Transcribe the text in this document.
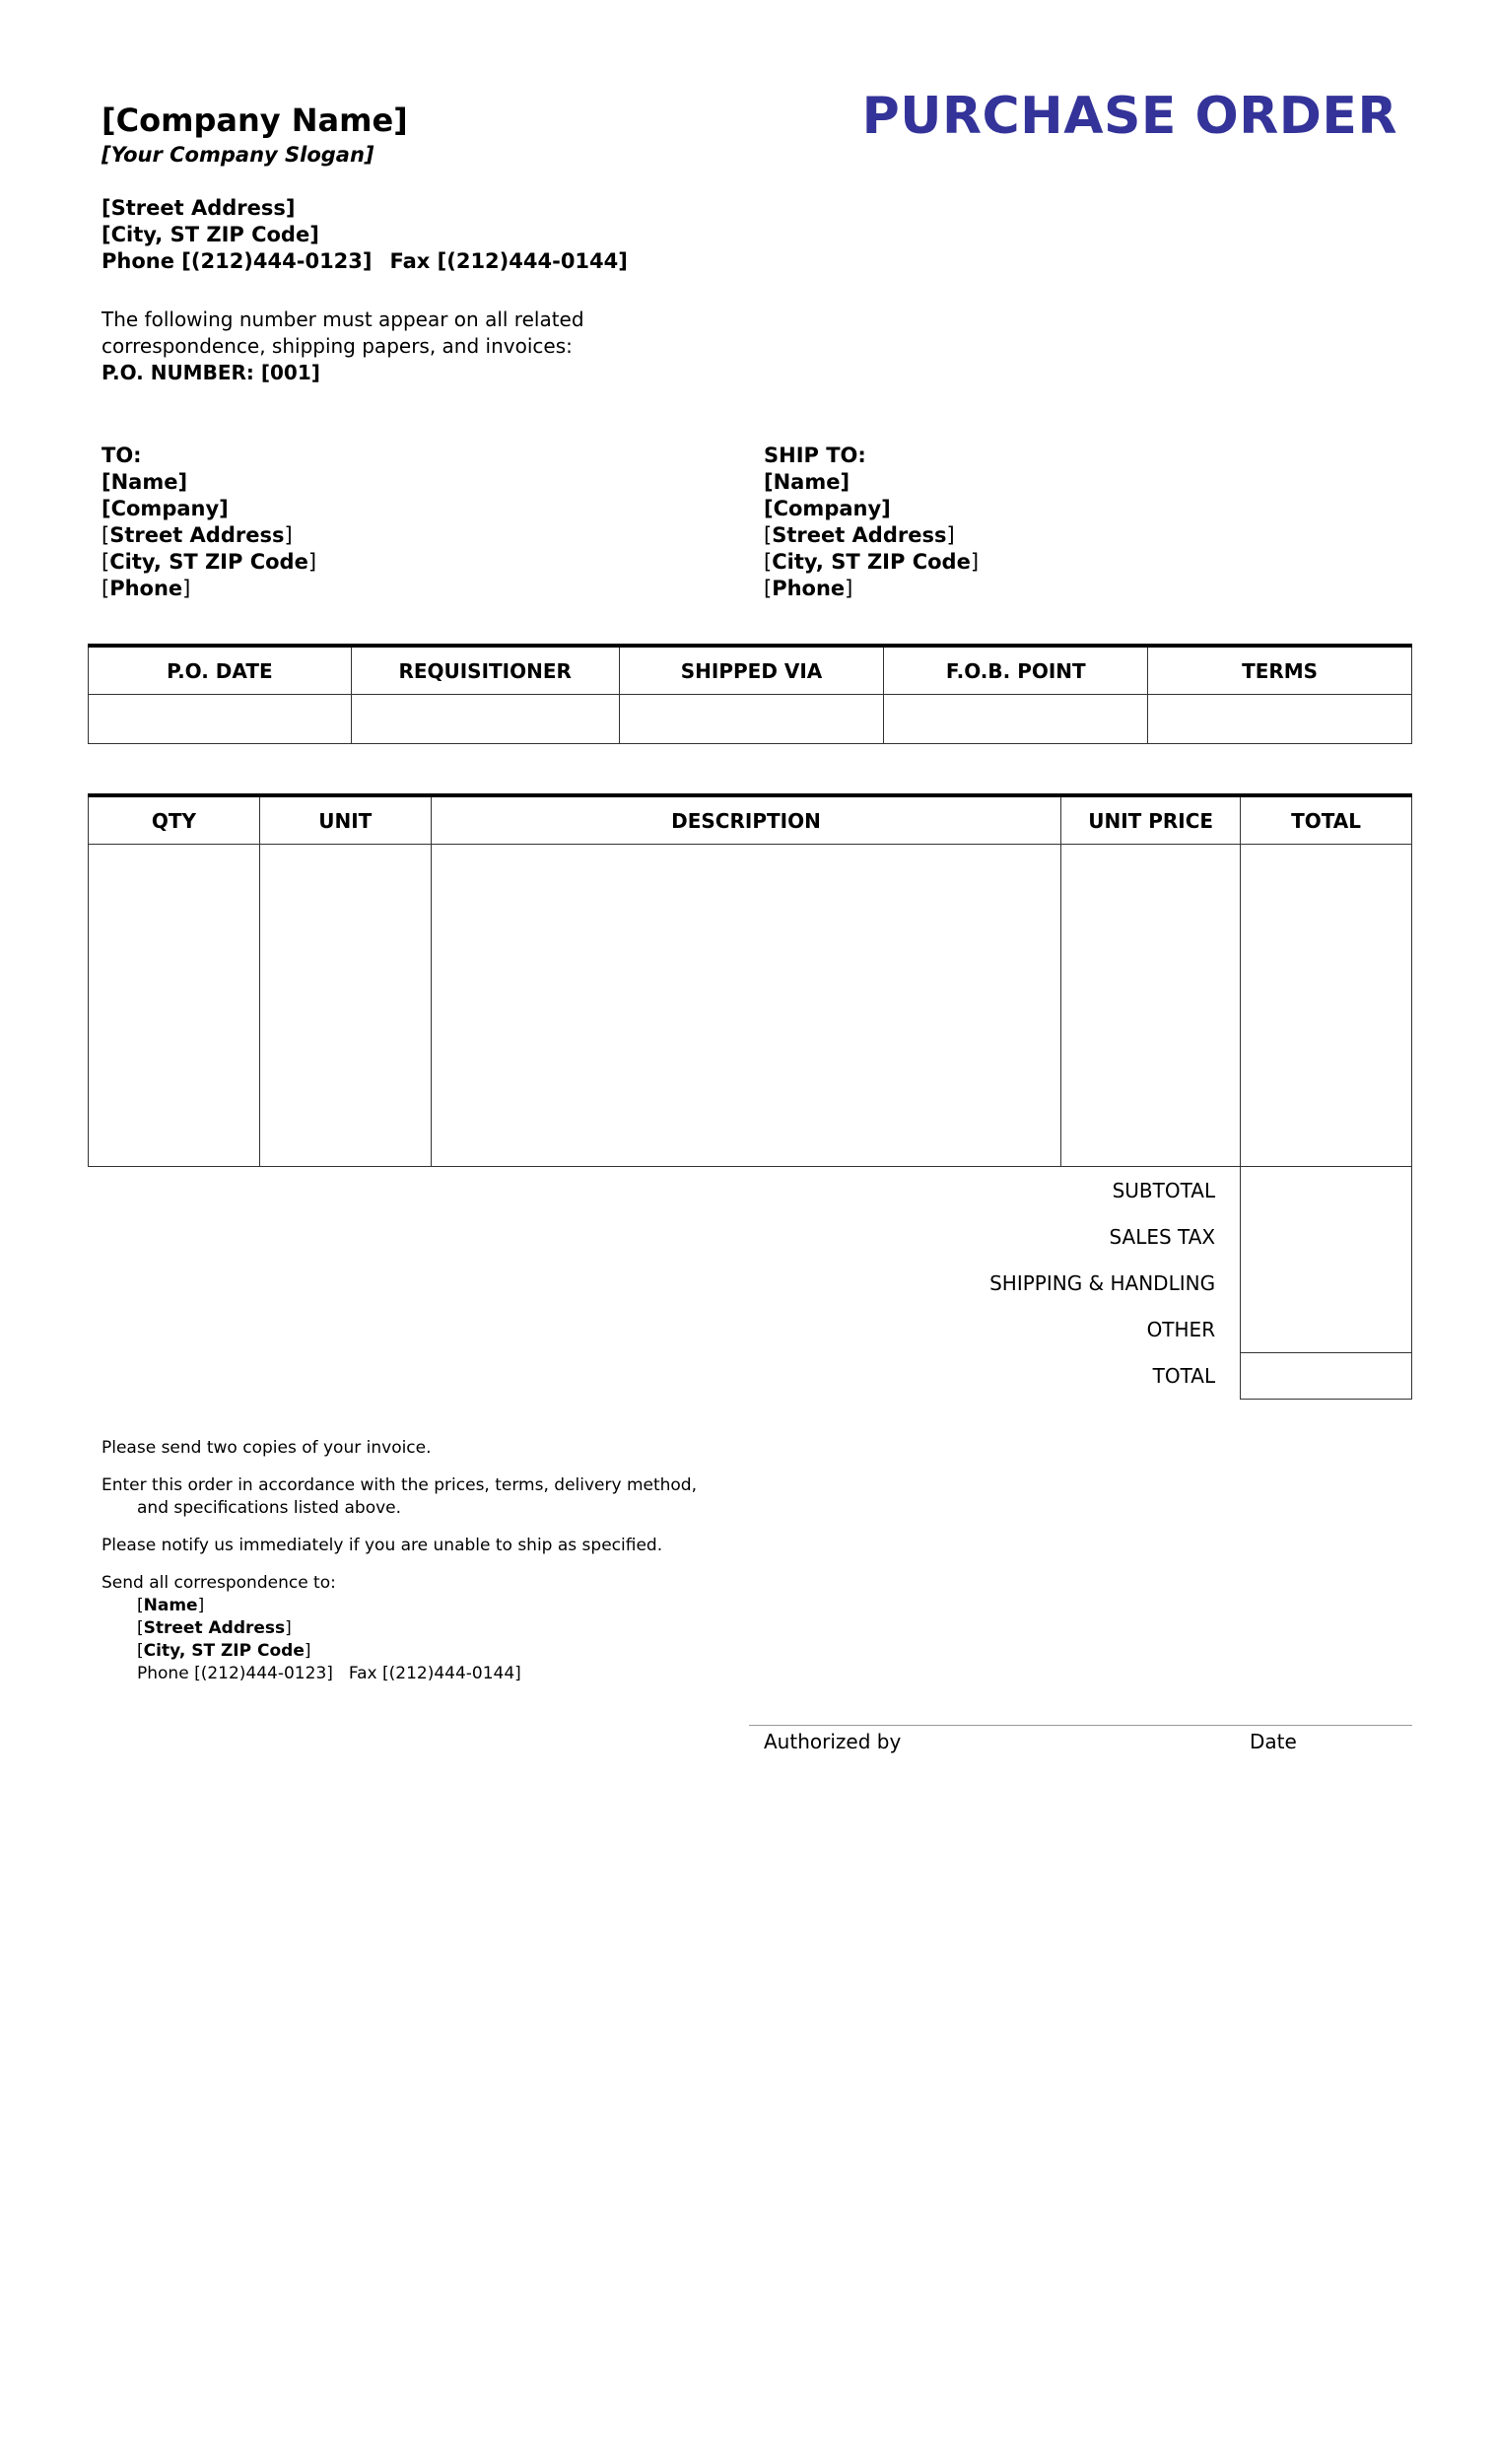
[Company Name]
[Your Company Slogan]
PURCHASE ORDER
[Street Address]
[City, ST ZIP Code]
Phone [(212)444-0123] Fax [(212)444-0144]
The following number must appear on all related
correspondence, shipping papers, and invoices:
P.O. NUMBER: [001]
TO:
[Name]
[Company]
[Street Address]
[City, ST ZIP Code]
[Phone]
SHIP TO:
[Name]
[Company]
[Street Address]
[City, ST ZIP Code]
[Phone]
P.O. DATE	REQUISITIONER	SHIPPED VIA	F.O.B. POINT	TERMS

QTY	UNIT	DESCRIPTION	UNIT PRICE	TOTAL

SUBTOTAL				
SALES TAX				
SHIPPING & HANDLING				
OTHER				
TOTAL				

Please send two copies of your invoice.

Enter this order in accordance with the prices, terms, delivery method, and specifications listed above.

Please notify us immediately if you are unable to ship as specified.

Send all correspondence to:
[Name]
[Street Address]
[City, ST ZIP Code]
Phone [(212)444-0123] Fax [(212)444-0144]
Authorized by	Date
